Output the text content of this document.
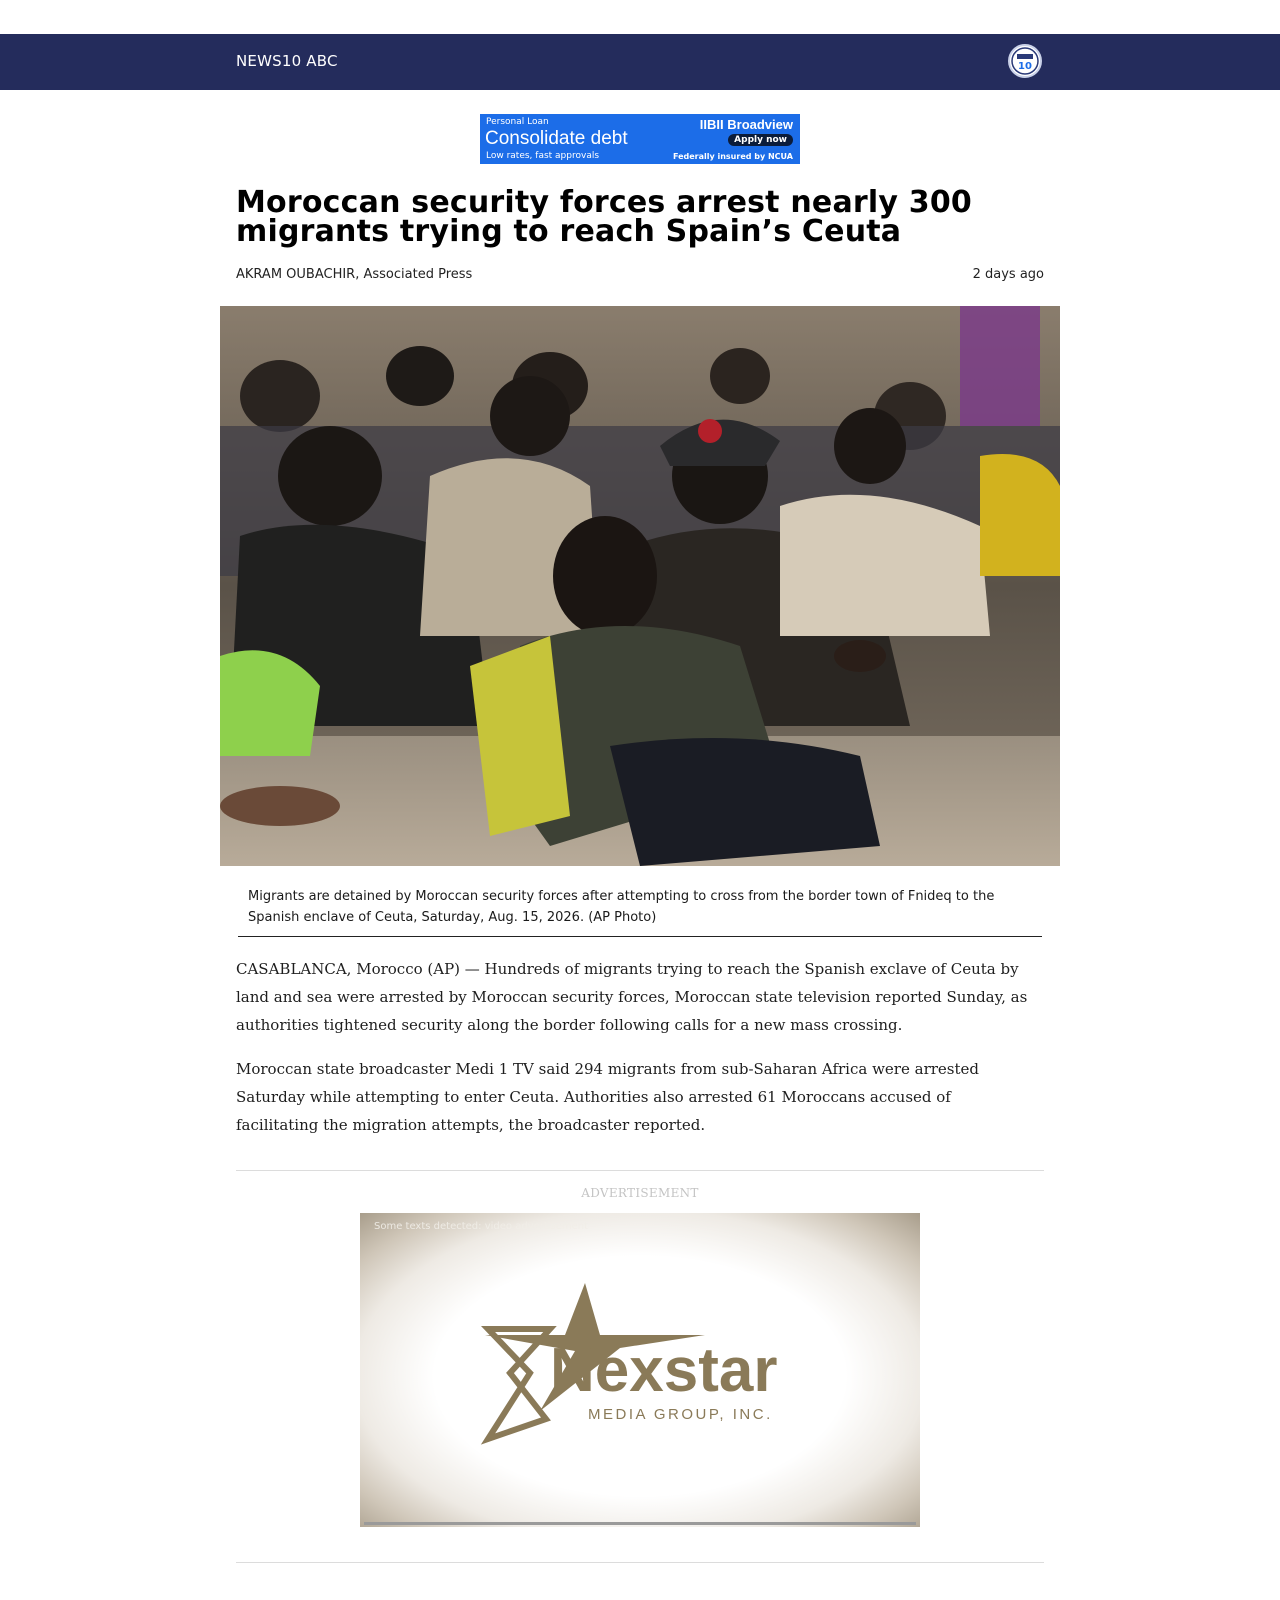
NEWS10 ABC	10
Personal Loan
Consolidate debt
Low rates, fast approvals
IIBII Broadview
Apply now
Federally insured by NCUA
Moroccan security forces arrest nearly 300 migrants trying to reach Spain’s Ceuta
AKRAM OUBACHIR, Associated Press	2 days ago
Migrants are detained by Moroccan security forces after attempting to cross from the border town of Fnideq to the Spanish enclave of Ceuta, Saturday, Aug. 15, 2026. (AP Photo)

CASABLANCA, Morocco (AP) — Hundreds of migrants trying to reach the Spanish exclave of Ceuta by land and sea were arrested by Moroccan security forces, Moroccan state television reported Sunday, as authorities tightened security along the border following calls for a new mass crossing.

Moroccan state broadcaster Medi 1 TV said 294 migrants from sub-Saharan Africa were arrested Saturday while attempting to enter Ceuta. Authorities also arrested 61 Moroccans accused of facilitating the migration attempts, the broadcaster reported.

ADVERTISEMENT
Some texts detected: video advertisement
Nexstar
MEDIA GROUP, INC.
